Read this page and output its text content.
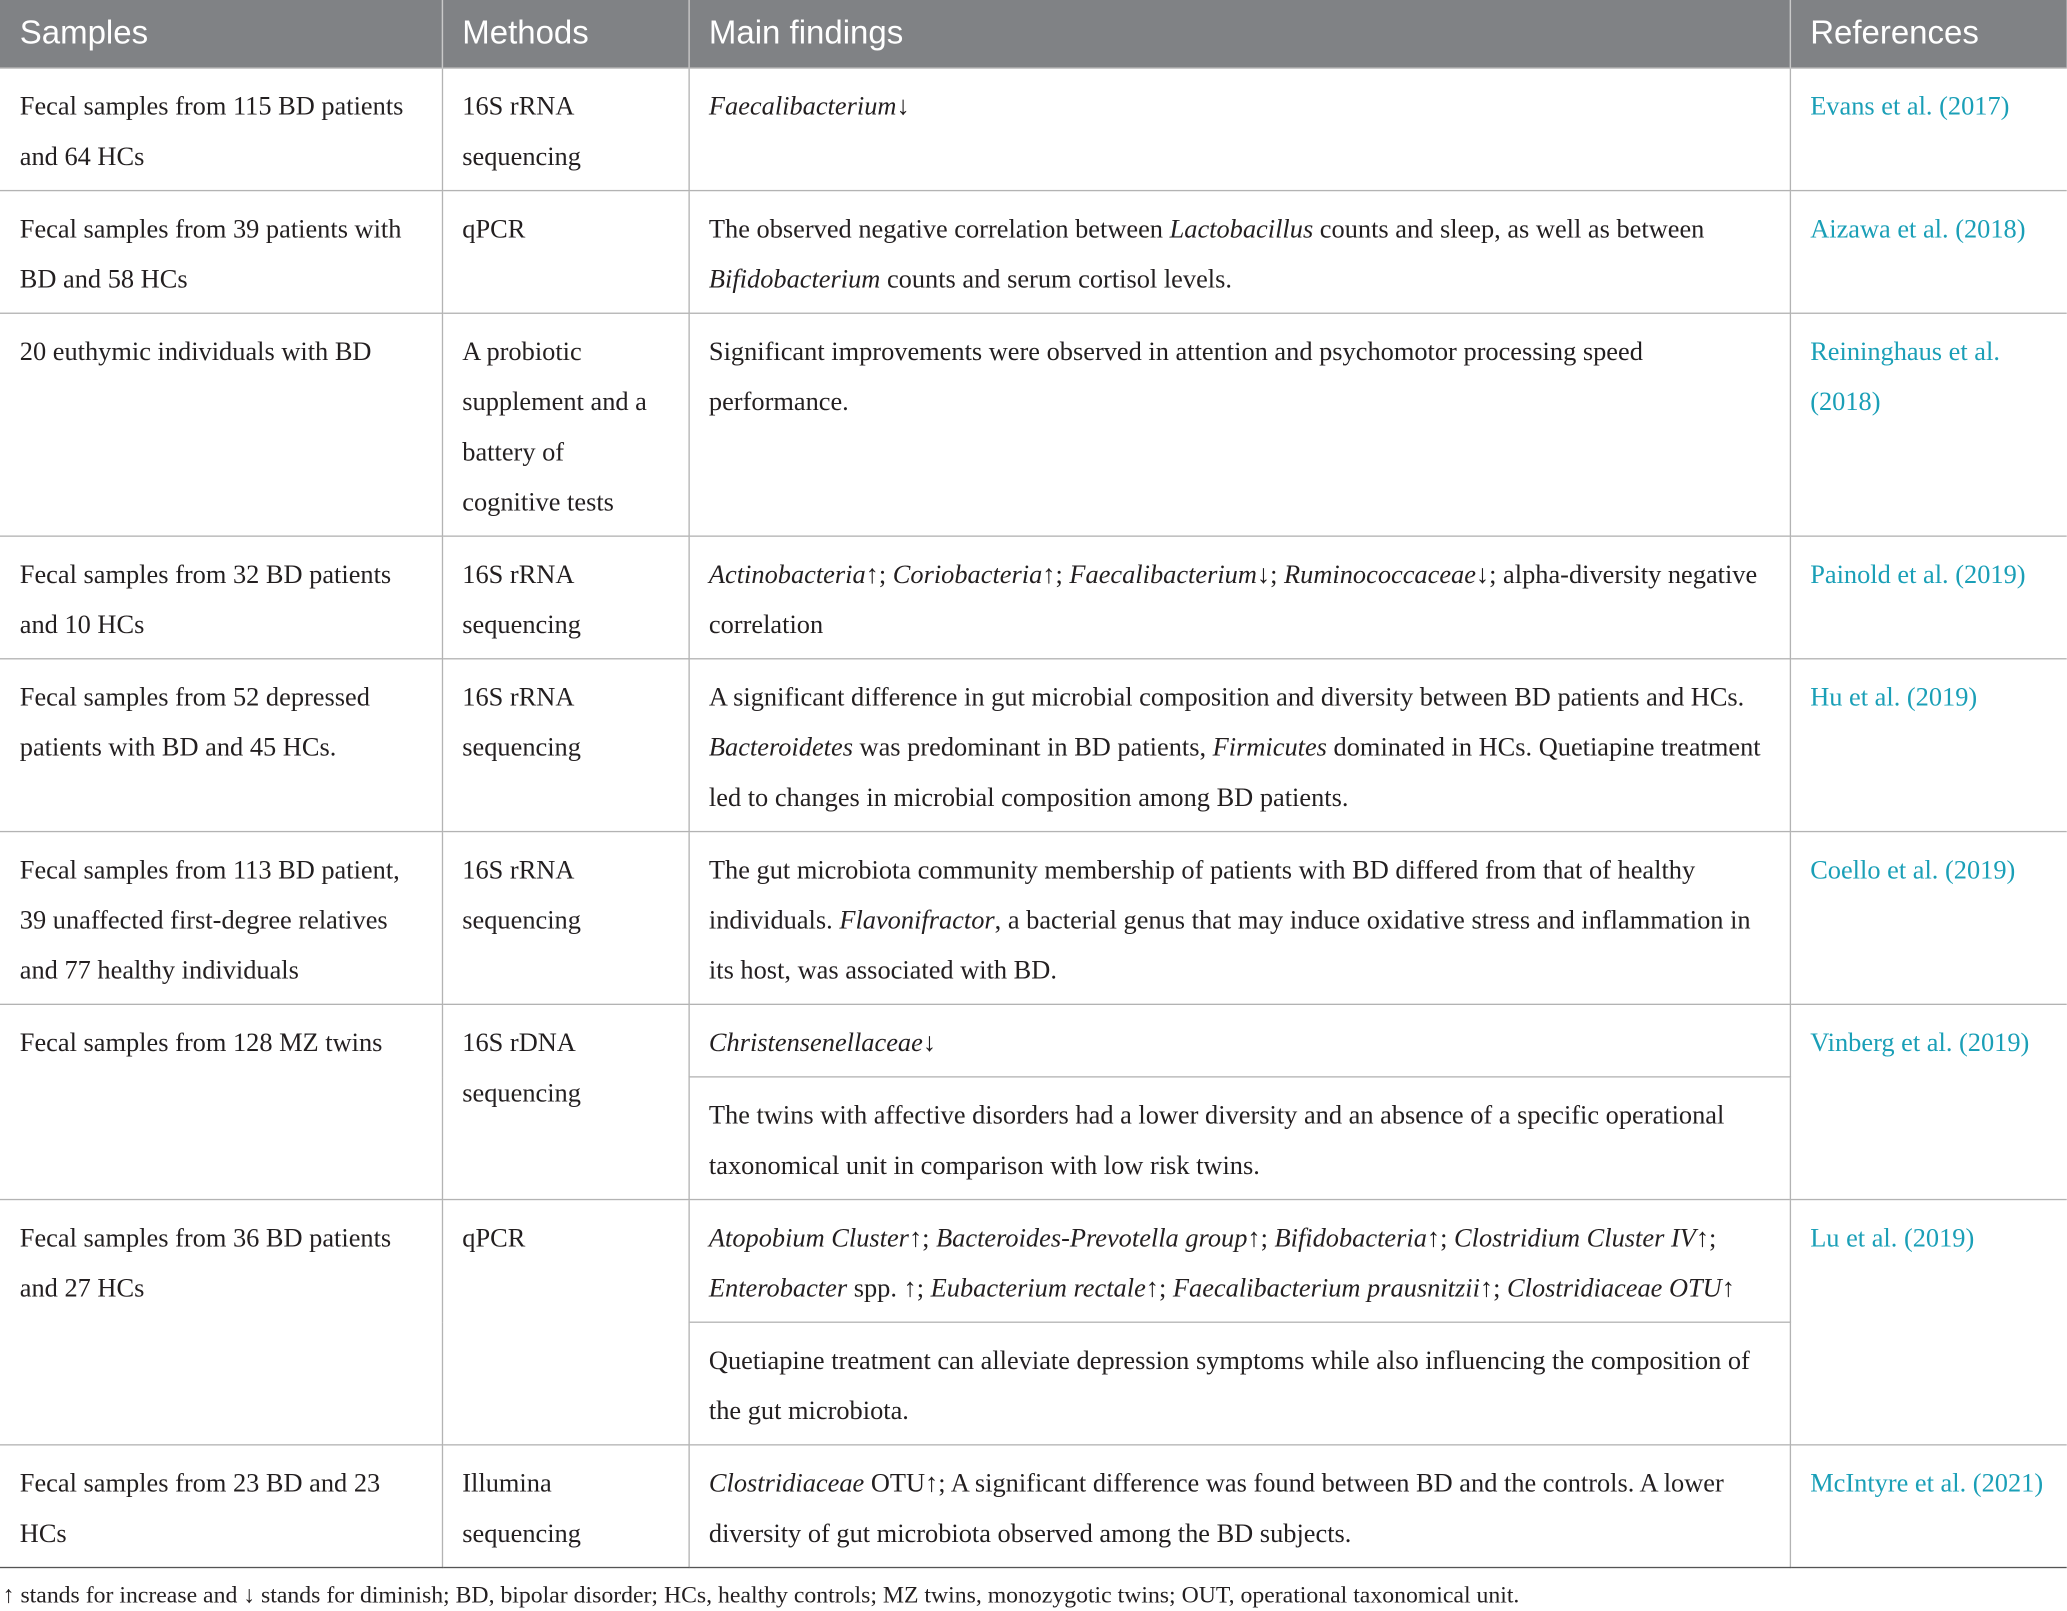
Samples	Methods	Main findings	References
Fecal samples from 115 BD patients and 64 HCs	16S rRNA sequencing	Faecalibacterium↓	Evans et al. (2017)
Fecal samples from 39 patients with BD and 58 HCs	qPCR	The observed negative correlation between Lactobacillus counts and sleep, as well as between Bifidobacterium counts and serum cortisol levels.	Aizawa et al. (2018)
20 euthymic individuals with BD	A probiotic supplement and a battery of cognitive tests	Significant improvements were observed in attention and psychomotor processing speed performance.	Reininghaus et al. (2018)
Fecal samples from 32 BD patients and 10 HCs	16S rRNA sequencing	Actinobacteria↑; Coriobacteria↑; Faecalibacterium↓; Ruminococcaceae↓; alpha-diversity negative correlation	Painold et al. (2019)
Fecal samples from 52 depressed patients with BD and 45 HCs.	16S rRNA sequencing	A significant difference in gut microbial composition and diversity between BD patients and HCs. Bacteroidetes was predominant in BD patients, Firmicutes dominated in HCs. Quetiapine treatment led to changes in microbial composition among BD patients.	Hu et al. (2019)
Fecal samples from 113 BD patient, 39 unaffected first-degree relatives and 77 healthy individuals	16S rRNA sequencing	The gut microbiota community membership of patients with BD differed from that of healthy individuals. Flavonifractor, a bacterial genus that may induce oxidative stress and inflammation in its host, was associated with BD.	Coello et al. (2019)
Fecal samples from 128 MZ twins	16S rDNA sequencing	Christensenellaceae↓	Vinberg et al. (2019)
		The twins with affective disorders had a lower diversity and an absence of a specific operational taxonomical unit in comparison with low risk twins.	
Fecal samples from 36 BD patients and 27 HCs	qPCR	Atopobium Cluster↑; Bacteroides-Prevotella group↑; Bifidobacteria↑; Clostridium Cluster IV↑; Enterobacter spp. ↑; Eubacterium rectale↑; Faecalibacterium prausnitzii↑; Clostridiaceae OTU↑	Lu et al. (2019)
		Quetiapine treatment can alleviate depression symptoms while also influencing the composition of the gut microbiota.	
Fecal samples from 23 BD and 23 HCs	Illumina sequencing	Clostridiaceae OTU↑; A significant difference was found between BD and the controls. A lower diversity of gut microbiota observed among the BD subjects.	McIntyre et al. (2021)
↑ stands for increase and ↓ stands for diminish; BD, bipolar disorder; HCs, healthy controls; MZ twins, monozygotic twins; OUT, operational taxonomical unit.
